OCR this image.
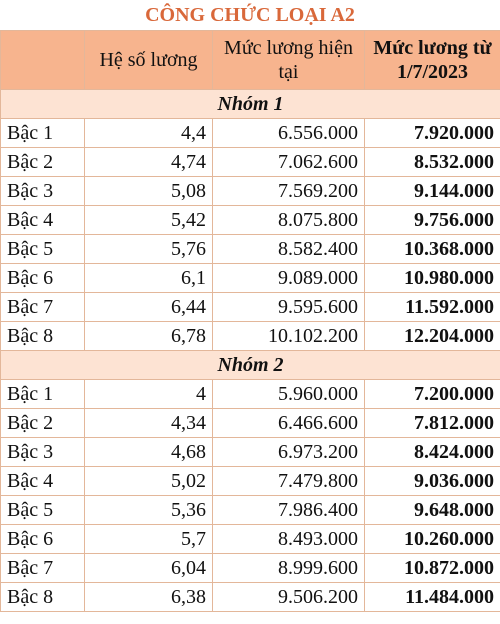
CÔNG CHỨC LOẠI A2
	Hệ số lương	Mức lương hiện tại	Mức lương từ 1/7/2023
Nhóm 1			
Bậc 1	4,4	6.556.000	7.920.000
Bậc 2	4,74	7.062.600	8.532.000
Bậc 3	5,08	7.569.200	9.144.000
Bậc 4	5,42	8.075.800	9.756.000
Bậc 5	5,76	8.582.400	10.368.000
Bậc 6	6,1	9.089.000	10.980.000
Bậc 7	6,44	9.595.600	11.592.000
Bậc 8	6,78	10.102.200	12.204.000
Nhóm 2			
Bậc 1	4	5.960.000	7.200.000
Bậc 2	4,34	6.466.600	7.812.000
Bậc 3	4,68	6.973.200	8.424.000
Bậc 4	5,02	7.479.800	9.036.000
Bậc 5	5,36	7.986.400	9.648.000
Bậc 6	5,7	8.493.000	10.260.000
Bậc 7	6,04	8.999.600	10.872.000
Bậc 8	6,38	9.506.200	11.484.000
